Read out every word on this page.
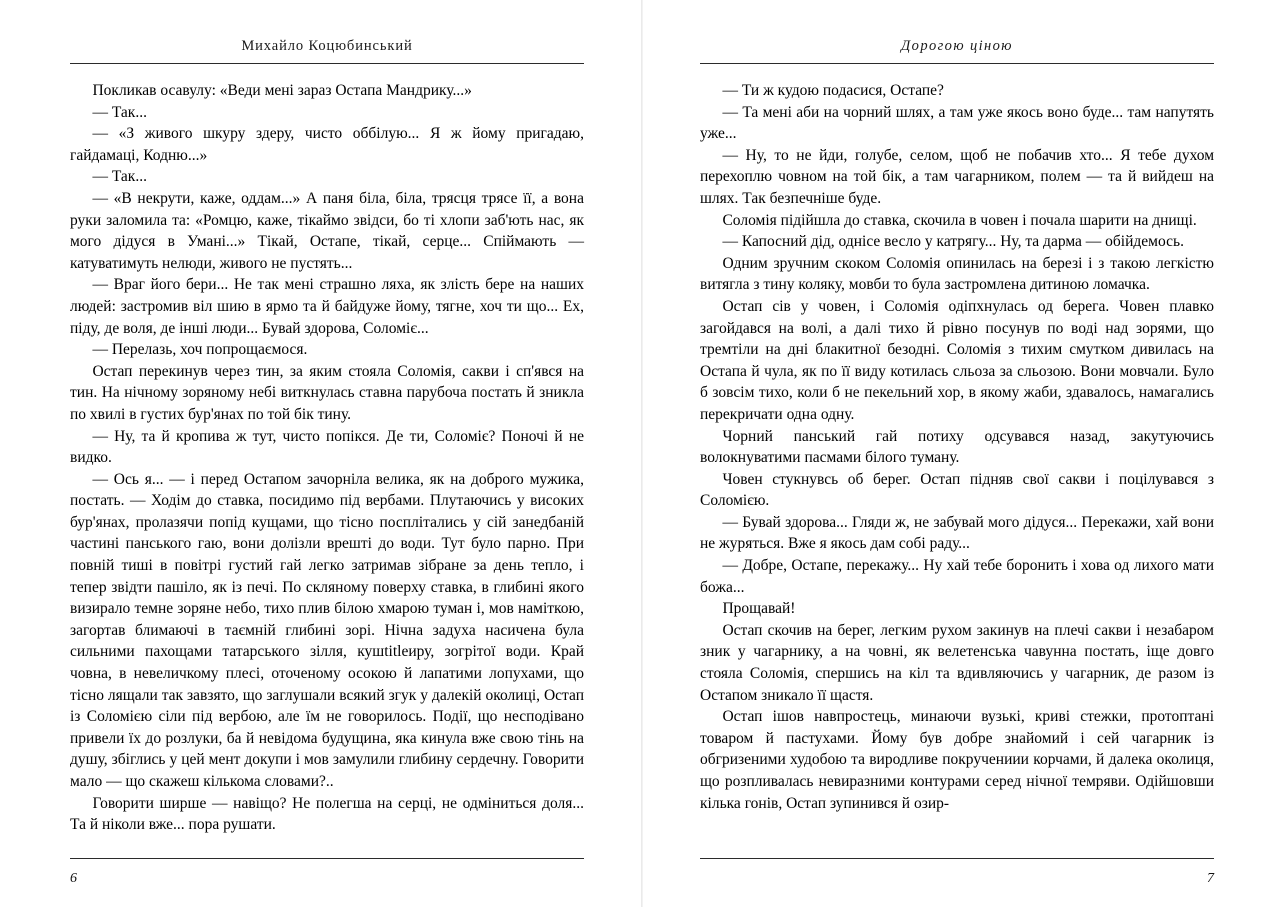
Михайло Коцюбинський

Покликав осавулу: «Веди мені зараз Остапа Мандрику...»

— Так...

— «З живого шкуру здеру, чисто оббілую... Я ж йому пригадаю, гайдамаці, Кодню...»

— Так...

— «В некрути, каже, оддам...» А паня біла, біла, трясця трясе її, а вона руки заломила та: «Ромцю, каже, тікаймо звідси, бо ті хлопи заб'ють нас, як мого дідуся в Умані...» Тікай, Остапе, тікай, серце... Спіймають — катуватимуть нелюди, живого не пустять...

— Враг його бери... Не так мені страшно ляха, як злість бере на наших людей: застромив віл шию в ярмо та й байдуже йому, тягне, хоч ти що... Ех, піду, де воля, де інші люди... Бувай здорова, Соломіє...

— Перелазь, хоч попрощаємося.

Остап перекинув через тин, за яким стояла Соломія, сакви і сп'явся на тин. На нічному зоряному небі виткнулась ставна парубоча постать й зникла по хвилі в густих бур'янах по той бік тину.

— Ну, та й кропива ж тут, чисто попікся. Де ти, Соломіє? Поночі й не видко.

— Ось я... — і перед Остапом зачорніла велика, як на доброго мужика, постать. — Ходім до ставка, посидимо під вербами. Плутаючись у високих бур'янах, пролазячи попід кущами, що тісно посплітались у сій занедбаній частині панського гаю, вони долізли врешті до води. Тут було парно. При повній тиші в повітрі густий гай легко затримав зібране за день тепло, і тепер звідти пашіло, як із печі. По скляному поверху ставка, в глибині якого визирало темне зоряне небо, тихо плив білою хмарою туман і, мов наміткою, загортав блимаючі в таємній глибині зорі. Нічна задуха насичена була сильними пахощами татарського зілля, кушtitleиру, зогрітої води. Край човна, в невеличкому плесі, оточеному осокою й лапатими лопухами, що тісно лящали так завзято, що заглушали всякий згук у далекій околиці, Остап із Соломією сіли під вербою, але їм не говорилось. Події, що несподівано привели їх до розлуки, ба й невідома будущина, яка кинула вже свою тінь на душу, збіглись у цей мент докупи і мов замулили глибину сердечну. Говорити мало — що скажеш кількома словами?..

Говорити ширше — навіщо? Не полегша на серці, не одміниться доля... Та й ніколи вже... пора рушати.

6
Дорогою ціною

— Ти ж кудою подасися, Остапе?

— Та мені аби на чорний шлях, а там уже якось воно буде... там напутять уже...

— Ну, то не йди, голубе, селом, щоб не побачив хто... Я тебе духом перехоплю човном на той бік, а там чагарником, полем — та й вийдеш на шлях. Так безпечніше буде.

Соломія підійшла до ставка, скочила в човен і почала шарити на днищі.

— Капосний дід, однісе весло у катрягу... Ну, та дарма — обійдемось.

Одним зручним скоком Соломія опинилась на березі і з такою легкістю витягла з тину коляку, мовби то була застромлена дитиною ломачка.

Остап сів у човен, і Соломія одіпхнулась од берега. Човен плавко загойдався на волі, а далі тихо й рівно посунув по воді над зорями, що тремтіли на дні блакитної безодні. Соломія з тихим смутком дивилась на Остапа й чула, як по її виду котилась сльоза за сльозою. Вони мовчали. Було б зовсім тихо, коли б не пекельний хор, в якому жаби, здавалось, намагались перекричати одна одну.

Чорний панський гай потиху одсувався назад, закутуючись волокнуватими пасмами білого туману.

Човен стукнувсь об берег. Остап підняв свої сакви і поцілувався з Соломією.

— Бувай здорова... Гляди ж, не забувай мого дідуся... Перекажи, хай вони не журяться. Вже я якось дам собі раду...

— Добре, Остапе, перекажу... Ну хай тебе боронить і хова од лихого мати божа...

Прощавай!

Остап скочив на берег, легким рухом закинув на плечі сакви і незабаром зник у чагарнику, а на човні, як велетенська чавунна постать, іще довго стояла Соломія, спершись на кіл та вдивляючись у чагарник, де разом із Остапом зникало її щастя.

Остап ішов навпростець, минаючи вузькі, криві стежки, протоптані товаром й пастухами. Йому був добре знайомий і сей чагарник із обгризеними худобою та виродливе покручениии корчами, й далека околиця, що розпливалась невиразними контурами серед нічної темряви. Одійшовши кілька гонів, Остап зупинився й озир-

7
